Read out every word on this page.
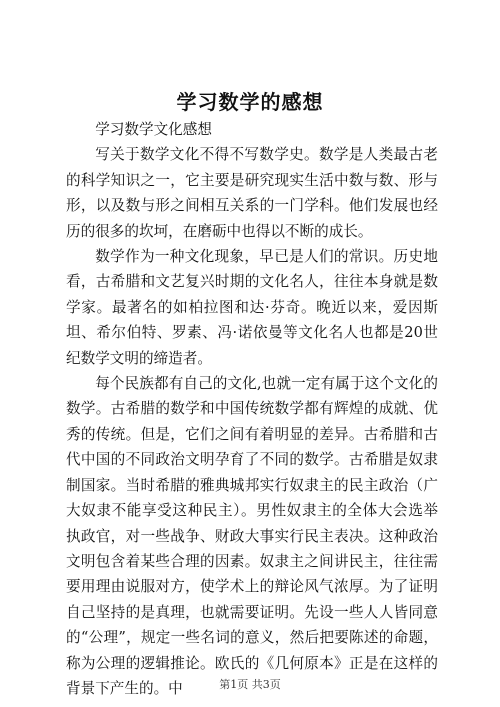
学习数学的感想

学习数学文化感想

写关于数学文化不得不写数学史。数学是人类最古老的科学知识之一，它主要是研究现实生活中数与数、形与形，以及数与形之间相互关系的一门学科。他们发展也经历的很多的坎坷，在磨砺中也得以不断的成长。

数学作为一种文化现象，早已是人们的常识。历史地看，古希腊和文艺复兴时期的文化名人，往往本身就是数学家。最著名的如柏拉图和达·芬奇。晚近以来，爱因斯坦、希尔伯特、罗素、冯·诺依曼等文化名人也都是20世纪数学文明的缔造者。

每个民族都有自己的文化,也就一定有属于这个文化的数学。古希腊的数学和中国传统数学都有辉煌的成就、优秀的传统。但是，它们之间有着明显的差异。古希腊和古代中国的不同政治文明孕育了不同的数学。古希腊是奴隶制国家。当时希腊的雅典城邦实行奴隶主的民主政治（广大奴隶不能享受这种民主）。男性奴隶主的全体大会选举执政官，对一些战争、财政大事实行民主表决。这种政治文明包含着某些合理的因素。奴隶主之间讲民主，往往需要用理由说服对方，使学术上的辩论风气浓厚。为了证明自己坚持的是真理，也就需要证明。先设一些人人皆同意的“公理”，规定一些名词的意义，然后把要陈述的命题，称为公理的逻辑推论。欧氏的《几何原本》正是在这样的背景下产生的。中	第1页 共3页
